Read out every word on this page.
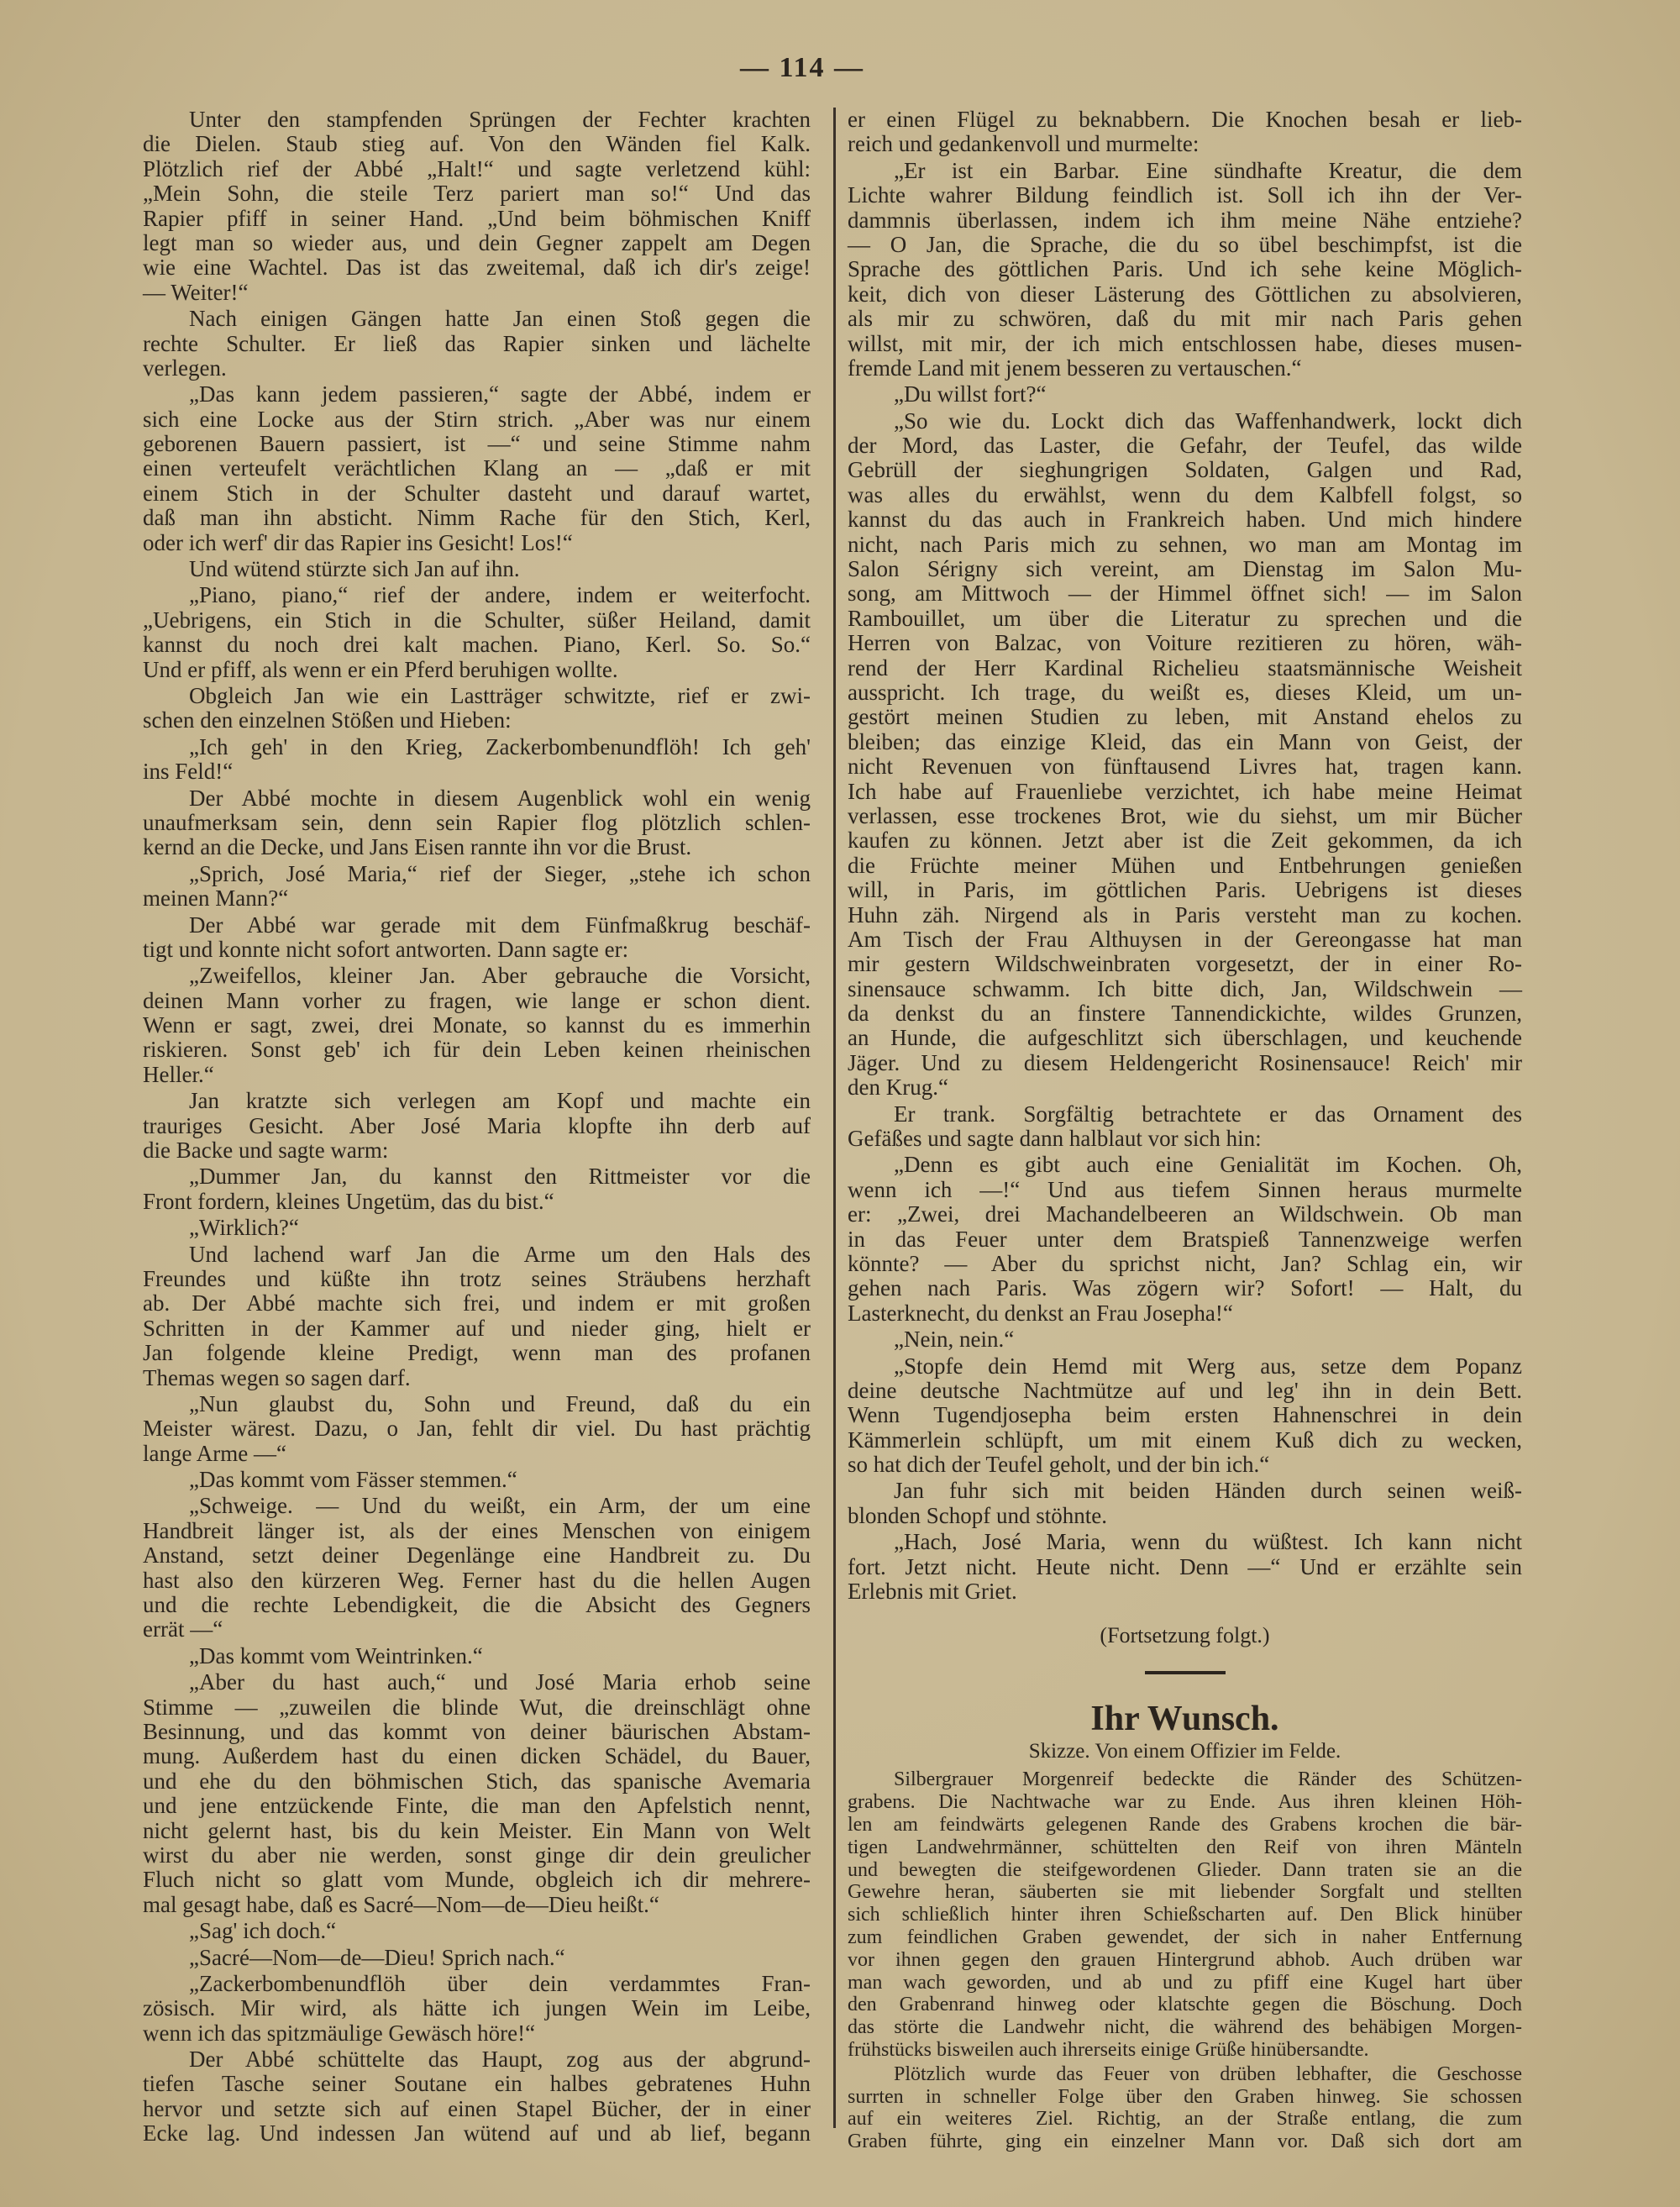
— 114 —
Unter den stampfenden Sprüngen der Fechter krachten
die Dielen. Staub stieg auf. Von den Wänden fiel Kalk.
Plötzlich rief der Abbé „Halt!“ und sagte verletzend kühl:
„Mein Sohn, die steile Terz pariert man so!“ Und das
Rapier pfiff in seiner Hand. „Und beim böhmischen Kniff
legt man so wieder aus, und dein Gegner zappelt am Degen
wie eine Wachtel. Das ist das zweitemal, daß ich dir's zeige!
— Weiter!“
Nach einigen Gängen hatte Jan einen Stoß gegen die
rechte Schulter. Er ließ das Rapier sinken und lächelte
verlegen.
„Das kann jedem passieren,“ sagte der Abbé, indem er
sich eine Locke aus der Stirn strich. „Aber was nur einem
geborenen Bauern passiert, ist —“ und seine Stimme nahm
einen verteufelt verächtlichen Klang an — „daß er mit
einem Stich in der Schulter dasteht und darauf wartet,
daß man ihn absticht. Nimm Rache für den Stich, Kerl,
oder ich werf' dir das Rapier ins Gesicht! Los!“
Und wütend stürzte sich Jan auf ihn.
„Piano, piano,“ rief der andere, indem er weiterfocht.
„Uebrigens, ein Stich in die Schulter, süßer Heiland, damit
kannst du noch drei kalt machen. Piano, Kerl. So. So.“
Und er pfiff, als wenn er ein Pferd beruhigen wollte.
Obgleich Jan wie ein Lastträger schwitzte, rief er zwi-
schen den einzelnen Stößen und Hieben:
„Ich geh' in den Krieg, Zackerbombenundflöh! Ich geh'
ins Feld!“
Der Abbé mochte in diesem Augenblick wohl ein wenig
unaufmerksam sein, denn sein Rapier flog plötzlich schlen-
kernd an die Decke, und Jans Eisen rannte ihn vor die Brust.
„Sprich, José Maria,“ rief der Sieger, „stehe ich schon
meinen Mann?“
Der Abbé war gerade mit dem Fünfmaßkrug beschäf-
tigt und konnte nicht sofort antworten. Dann sagte er:
„Zweifellos, kleiner Jan. Aber gebrauche die Vorsicht,
deinen Mann vorher zu fragen, wie lange er schon dient.
Wenn er sagt, zwei, drei Monate, so kannst du es immerhin
riskieren. Sonst geb' ich für dein Leben keinen rheinischen
Heller.“
Jan kratzte sich verlegen am Kopf und machte ein
trauriges Gesicht. Aber José Maria klopfte ihn derb auf
die Backe und sagte warm:
„Dummer Jan, du kannst den Rittmeister vor die
Front fordern, kleines Ungetüm, das du bist.“
„Wirklich?“
Und lachend warf Jan die Arme um den Hals des
Freundes und küßte ihn trotz seines Sträubens herzhaft
ab. Der Abbé machte sich frei, und indem er mit großen
Schritten in der Kammer auf und nieder ging, hielt er
Jan folgende kleine Predigt, wenn man des profanen
Themas wegen so sagen darf.
„Nun glaubst du, Sohn und Freund, daß du ein
Meister wärest. Dazu, o Jan, fehlt dir viel. Du hast prächtig
lange Arme —“
„Das kommt vom Fässer stemmen.“
„Schweige. — Und du weißt, ein Arm, der um eine
Handbreit länger ist, als der eines Menschen von einigem
Anstand, setzt deiner Degenlänge eine Handbreit zu. Du
hast also den kürzeren Weg. Ferner hast du die hellen Augen
und die rechte Lebendigkeit, die die Absicht des Gegners
errät —“
„Das kommt vom Weintrinken.“
„Aber du hast auch,“ und José Maria erhob seine
Stimme — „zuweilen die blinde Wut, die dreinschlägt ohne
Besinnung, und das kommt von deiner bäurischen Abstam-
mung. Außerdem hast du einen dicken Schädel, du Bauer,
und ehe du den böhmischen Stich, das spanische Avemaria
und jene entzückende Finte, die man den Apfelstich nennt,
nicht gelernt hast, bis du kein Meister. Ein Mann von Welt
wirst du aber nie werden, sonst ginge dir dein greulicher
Fluch nicht so glatt vom Munde, obgleich ich dir mehrere-
mal gesagt habe, daß es Sacré—Nom—de—Dieu heißt.“
„Sag' ich doch.“
„Sacré—Nom—de—Dieu! Sprich nach.“
„Zackerbombenundflöh über dein verdammtes Fran-
zösisch. Mir wird, als hätte ich jungen Wein im Leibe,
wenn ich das spitzmäulige Gewäsch höre!“
Der Abbé schüttelte das Haupt, zog aus der abgrund-
tiefen Tasche seiner Soutane ein halbes gebratenes Huhn
hervor und setzte sich auf einen Stapel Bücher, der in einer
Ecke lag. Und indessen Jan wütend auf und ab lief, begann
er einen Flügel zu beknabbern. Die Knochen besah er lieb-
reich und gedankenvoll und murmelte:
„Er ist ein Barbar. Eine sündhafte Kreatur, die dem
Lichte wahrer Bildung feindlich ist. Soll ich ihn der Ver-
dammnis überlassen, indem ich ihm meine Nähe entziehe?
— O Jan, die Sprache, die du so übel beschimpfst, ist die
Sprache des göttlichen Paris. Und ich sehe keine Möglich-
keit, dich von dieser Lästerung des Göttlichen zu absolvieren,
als mir zu schwören, daß du mit mir nach Paris gehen
willst, mit mir, der ich mich entschlossen habe, dieses musen-
fremde Land mit jenem besseren zu vertauschen.“
„Du willst fort?“
„So wie du. Lockt dich das Waffenhandwerk, lockt dich
der Mord, das Laster, die Gefahr, der Teufel, das wilde
Gebrüll der sieghungrigen Soldaten, Galgen und Rad,
was alles du erwählst, wenn du dem Kalbfell folgst, so
kannst du das auch in Frankreich haben. Und mich hindere
nicht, nach Paris mich zu sehnen, wo man am Montag im
Salon Sérigny sich vereint, am Dienstag im Salon Mu-
song, am Mittwoch — der Himmel öffnet sich! — im Salon
Rambouillet, um über die Literatur zu sprechen und die
Herren von Balzac, von Voiture rezitieren zu hören, wäh-
rend der Herr Kardinal Richelieu staatsmännische Weisheit
ausspricht. Ich trage, du weißt es, dieses Kleid, um un-
gestört meinen Studien zu leben, mit Anstand ehelos zu
bleiben; das einzige Kleid, das ein Mann von Geist, der
nicht Revenuen von fünftausend Livres hat, tragen kann.
Ich habe auf Frauenliebe verzichtet, ich habe meine Heimat
verlassen, esse trockenes Brot, wie du siehst, um mir Bücher
kaufen zu können. Jetzt aber ist die Zeit gekommen, da ich
die Früchte meiner Mühen und Entbehrungen genießen
will, in Paris, im göttlichen Paris. Uebrigens ist dieses
Huhn zäh. Nirgend als in Paris versteht man zu kochen.
Am Tisch der Frau Althuysen in der Gereongasse hat man
mir gestern Wildschweinbraten vorgesetzt, der in einer Ro-
sinensauce schwamm. Ich bitte dich, Jan, Wildschwein —
da denkst du an finstere Tannendickichte, wildes Grunzen,
an Hunde, die aufgeschlitzt sich überschlagen, und keuchende
Jäger. Und zu diesem Heldengericht Rosinensauce! Reich' mir
den Krug.“
Er trank. Sorgfältig betrachtete er das Ornament des
Gefäßes und sagte dann halblaut vor sich hin:
„Denn es gibt auch eine Genialität im Kochen. Oh,
wenn ich —!“ Und aus tiefem Sinnen heraus murmelte
er: „Zwei, drei Machandelbeeren an Wildschwein. Ob man
in das Feuer unter dem Bratspieß Tannenzweige werfen
könnte? — Aber du sprichst nicht, Jan? Schlag ein, wir
gehen nach Paris. Was zögern wir? Sofort! — Halt, du
Lasterknecht, du denkst an Frau Josepha!“
„Nein, nein.“
„Stopfe dein Hemd mit Werg aus, setze dem Popanz
deine deutsche Nachtmütze auf und leg' ihn in dein Bett.
Wenn Tugendjosepha beim ersten Hahnenschrei in dein
Kämmerlein schlüpft, um mit einem Kuß dich zu wecken,
so hat dich der Teufel geholt, und der bin ich.“
Jan fuhr sich mit beiden Händen durch seinen weiß-
blonden Schopf und stöhnte.
„Hach, José Maria, wenn du wüßtest. Ich kann nicht
fort. Jetzt nicht. Heute nicht. Denn —“ Und er erzählte sein
Erlebnis mit Griet.
(Fortsetzung folgt.)
Ihr Wunsch.
Skizze. Von einem Offizier im Felde.
Silbergrauer Morgenreif bedeckte die Ränder des Schützen-
grabens. Die Nachtwache war zu Ende. Aus ihren kleinen Höh-
len am feindwärts gelegenen Rande des Grabens krochen die bär-
tigen Landwehrmänner, schüttelten den Reif von ihren Mänteln
und bewegten die steifgewordenen Glieder. Dann traten sie an die
Gewehre heran, säuberten sie mit liebender Sorgfalt und stellten
sich schließlich hinter ihren Schießscharten auf. Den Blick hinüber
zum feindlichen Graben gewendet, der sich in naher Entfernung
vor ihnen gegen den grauen Hintergrund abhob. Auch drüben war
man wach geworden, und ab und zu pfiff eine Kugel hart über
den Grabenrand hinweg oder klatschte gegen die Böschung. Doch
das störte die Landwehr nicht, die während des behäbigen Morgen-
frühstücks bisweilen auch ihrerseits einige Grüße hinübersandte.
Plötzlich wurde das Feuer von drüben lebhafter, die Geschosse
surrten in schneller Folge über den Graben hinweg. Sie schossen
auf ein weiteres Ziel. Richtig, an der Straße entlang, die zum
Graben führte, ging ein einzelner Mann vor. Daß sich dort am
